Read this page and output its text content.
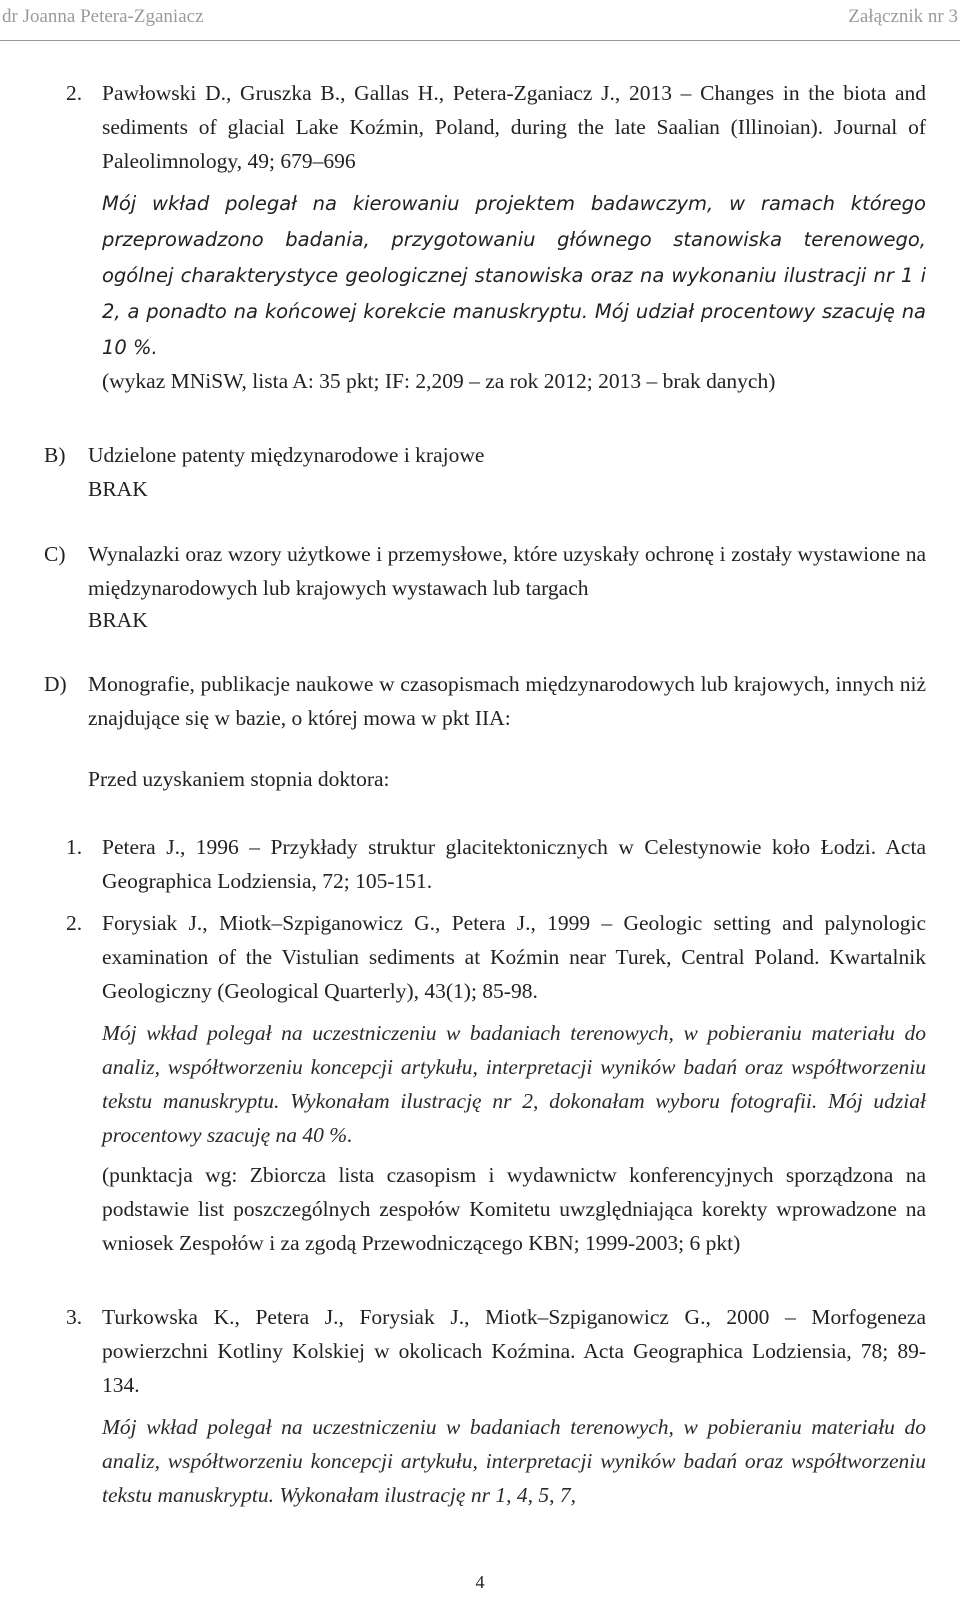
dr Joanna Petera-Zganiacz	Załącznik nr 3
2. Pawłowski D., Gruszka B., Gallas H., Petera-Zganiacz J., 2013 – Changes in the biota and sediments of glacial Lake Koźmin, Poland, during the late Saalian (Illinoian). Journal of Paleolimnology, 49; 679–696

Mój wkład polegał na kierowaniu projektem badawczym, w ramach którego przeprowadzono badania, przygotowaniu głównego stanowiska terenowego, ogólnej charakterystyce geologicznej stanowiska oraz na wykonaniu ilustracji nr 1 i 2, a ponadto na końcowej korekcie manuskryptu. Mój udział procentowy szacuję na 10 %.

(wykaz MNiSW, lista A: 35 pkt; IF: 2,209 – za rok 2012; 2013 – brak danych)

B) Udzielone patenty międzynarodowe i krajowe

BRAK

C) Wynalazki oraz wzory użytkowe i przemysłowe, które uzyskały ochronę i zostały wystawione na międzynarodowych lub krajowych wystawach lub targach

BRAK

D) Monografie, publikacje naukowe w czasopismach międzynarodowych lub krajowych, innych niż znajdujące się w bazie, o której mowa w pkt IIA:

Przed uzyskaniem stopnia doktora:

1. Petera J., 1996 – Przykłady struktur glacitektonicznych w Celestynowie koło Łodzi. Acta Geographica Lodziensia, 72; 105-151.

2. Forysiak J., Miotk–Szpiganowicz G., Petera J., 1999 – Geologic setting and palynologic examination of the Vistulian sediments at Koźmin near Turek, Central Poland. Kwartalnik Geologiczny (Geological Quarterly), 43(1); 85-98.

Mój wkład polegał na uczestniczeniu w badaniach terenowych, w pobieraniu materiału do analiz, współtworzeniu koncepcji artykułu, interpretacji wyników badań oraz współtworzeniu tekstu manuskryptu. Wykonałam ilustrację nr 2, dokonałam wyboru fotografii. Mój udział procentowy szacuję na 40 %.

(punktacja wg: Zbiorcza lista czasopism i wydawnictw konferencyjnych sporządzona na podstawie list poszczególnych zespołów Komitetu uwzględniająca korekty wprowadzone na wniosek Zespołów i za zgodą Przewodniczącego KBN; 1999-2003; 6 pkt)

3. Turkowska K., Petera J., Forysiak J., Miotk–Szpiganowicz G., 2000 – Morfogeneza powierzchni Kotliny Kolskiej w okolicach Koźmina. Acta Geographica Lodziensia, 78; 89-134.

Mój wkład polegał na uczestniczeniu w badaniach terenowych, w pobieraniu materiału do analiz, współtworzeniu koncepcji artykułu, interpretacji wyników badań oraz współtworzeniu tekstu manuskryptu. Wykonałam ilustrację nr 1, 4, 5, 7,

4
